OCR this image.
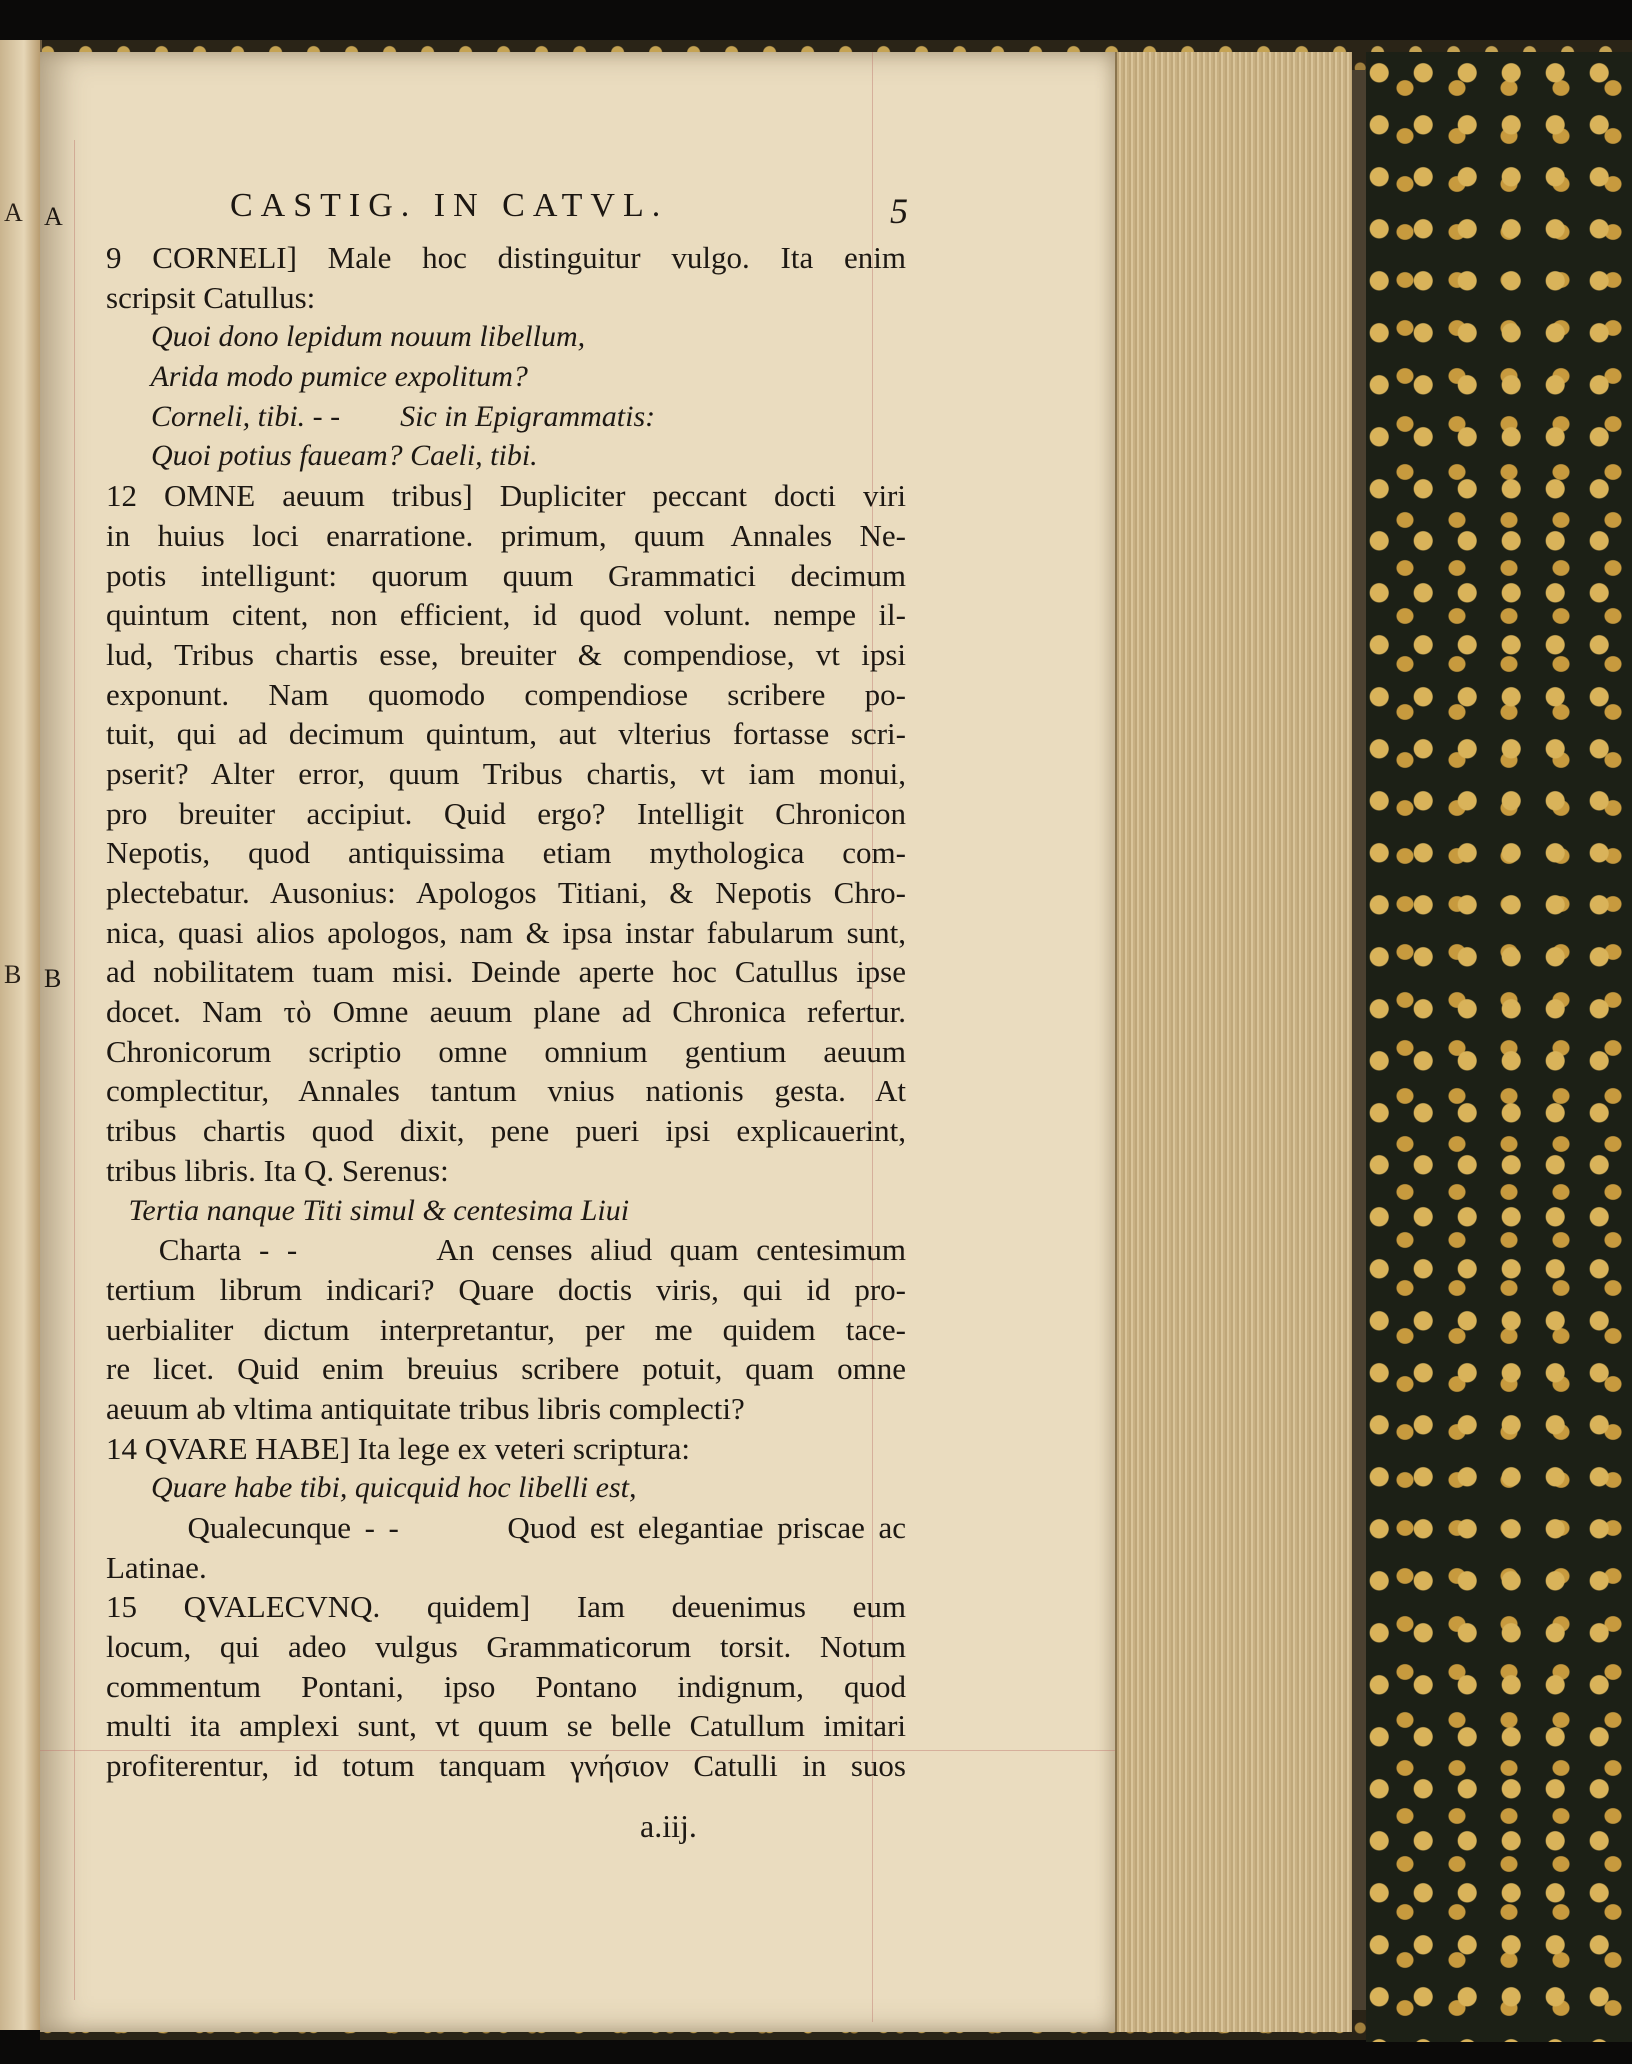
A
B
CASTIG. IN CATVL.	5
A
B
9 CORNELI] Male hoc distinguitur vulgo. Ita enim
scripsit Catullus:
Quoi dono lepidum nouum libellum,
Arida modo pumice expolitum?
Corneli, tibi. - -        Sic in Epigrammatis:
Quoi potius faueam? Caeli, tibi.
12 OMNE aeuum tribus] Dupliciter peccant docti viri
in huius loci enarratione. primum, quum Annales Ne-
potis intelligunt: quorum quum Grammatici decimum
quintum citent, non efficient, id quod volunt. nempe il-
lud, Tribus chartis esse, breuiter & compendiose, vt ipsi
exponunt. Nam quomodo compendiose scribere po-
tuit, qui ad decimum quintum, aut vlterius fortasse scri-
pserit? Alter error, quum Tribus chartis, vt iam monui,
pro breuiter accipiut. Quid ergo? Intelligit Chronicon
Nepotis, quod antiquissima etiam mythologica com-
plectebatur. Ausonius: Apologos Titiani, & Nepotis Chro-
nica, quasi alios apologos, nam & ipsa instar fabularum sunt,
ad nobilitatem tuam misi. Deinde aperte hoc Catullus ipse
docet. Nam τὸ Omne aeuum plane ad Chronica refertur.
Chronicorum scriptio omne omnium gentium aeuum
complectitur, Annales tantum vnius nationis gesta. At
tribus chartis quod dixit, pene pueri ipsi explicauerint,
tribus libris. Ita Q. Serenus:
Tertia nanque Titi simul & centesima Liui
Charta - -        An censes aliud quam centesimum
tertium librum indicari? Quare doctis viris, qui id pro-
uerbialiter dictum interpretantur, per me quidem tace-
re licet. Quid enim breuius scribere potuit, quam omne
aeuum ab vltima antiquitate tribus libris complecti?
14 QVARE HABE] Ita lege ex veteri scriptura:
Quare habe tibi, quicquid hoc libelli est,
Qualecunque - -        Quod est elegantiae priscae ac
Latinae.
15 QVALECVNQ. quidem] Iam deuenimus eum
locum, qui adeo vulgus Grammaticorum torsit. Notum
commentum Pontani, ipso Pontano indignum, quod
multi ita amplexi sunt, vt quum se belle Catullum imitari
profiterentur, id totum tanquam γνήσιον Catulli in suos
a.iij.
